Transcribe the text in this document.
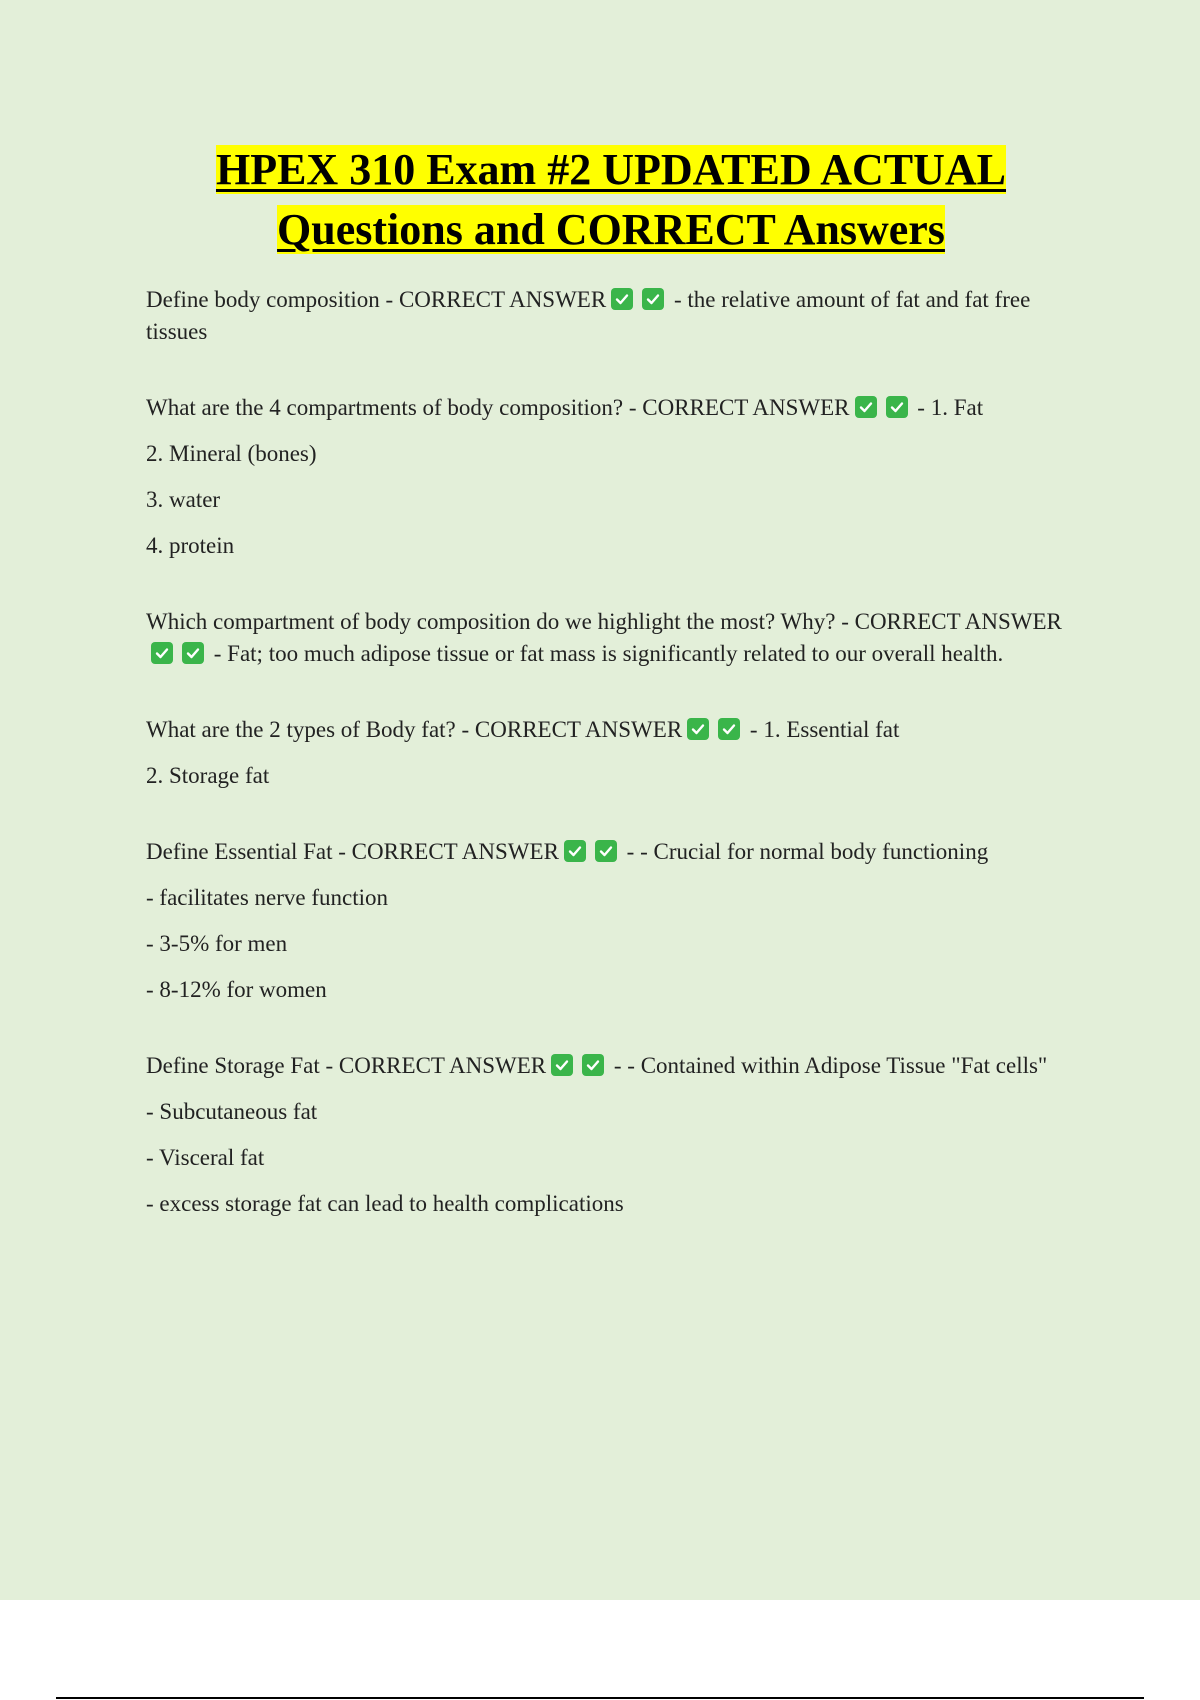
HPEX 310 Exam #2 UPDATED ACTUAL
Questions and CORRECT Answers

Define body composition - CORRECT ANSWER	- the relative amount of fat and fat free tissues

What are the 4 compartments of body composition? - CORRECT ANSWER	- 1. Fat

2. Mineral (bones)

3. water

4. protein

Which compartment of body composition do we highlight the most? Why? - CORRECT ANSWER
- Fat; too much adipose tissue or fat mass is significantly related to our overall health.

What are the 2 types of Body fat? - CORRECT ANSWER	- 1. Essential fat

2. Storage fat

Define Essential Fat - CORRECT ANSWER	- - Crucial for normal body functioning

- facilitates nerve function

- 3-5% for men

- 8-12% for women

Define Storage Fat - CORRECT ANSWER	- - Contained within Adipose Tissue "Fat cells"

- Subcutaneous fat

- Visceral fat

- excess storage fat can lead to health complications
